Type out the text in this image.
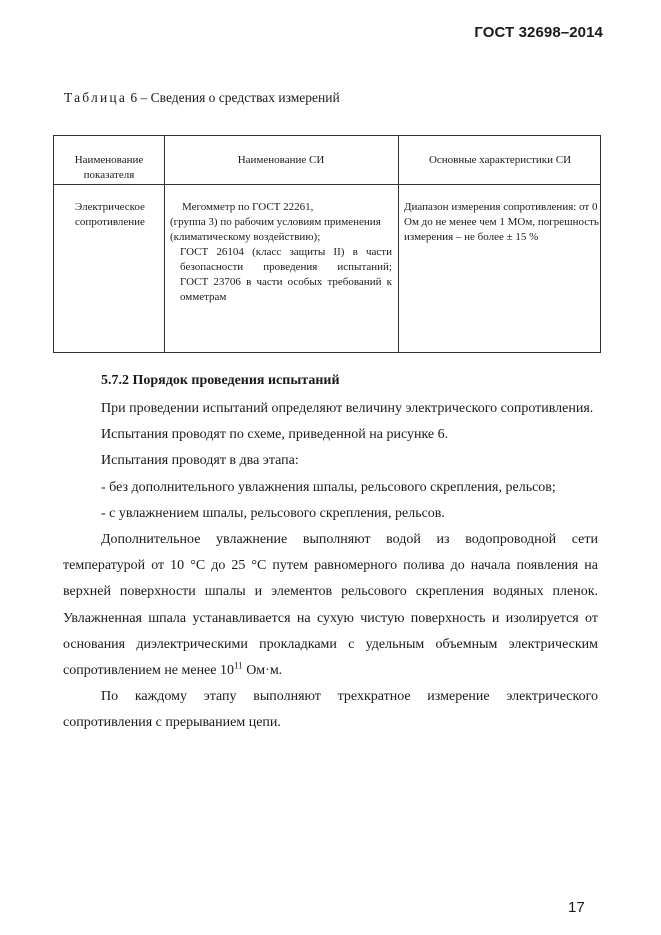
ГОСТ 32698–2014
Таблица 6 – Сведения о средствах измерений
Наименование показателя
Наименование СИ	Основные характеристики СИ
Электрическое сопротивление

Мегомметр по ГОСТ 22261,

(группа 3) по рабочим условиям применения (климатическому воздействию);

ГОСТ 26104 (класс защиты II) в части безопасности проведения испытаний;

ГОСТ 23706 в части особых требований к омметрам

Диапазон измерения сопротивления: от 0 Ом до не менее чем 1 МОм, погрешность измерения – не более ± 15 %

5.7.2 Порядок проведения испытаний

При проведении испытаний определяют величину электрического сопротивления.

Испытания проводят по схеме, приведенной на рисунке 6.

Испытания проводят в два этапа:

- без дополнительного увлажнения шпалы, рельсового скрепления, рельсов;

- с увлажнением шпалы, рельсового скрепления, рельсов.

Дополнительное увлажнение выполняют водой из водопроводной сети температурой от 10 °С до 25 °С путем равномерного полива до начала появления на верхней поверхности шпалы и элементов рельсового скрепления водяных пленок. Увлажненная шпала устанавливается на сухую чистую поверхность и изолируется от основания диэлектрическими прокладками с удельным объемным электрическим сопротивлением не менее $10^{11}$ Ом·м.

По каждому этапу выполняют трехкратное измерение электрического сопротивления с прерыванием цепи.

17
